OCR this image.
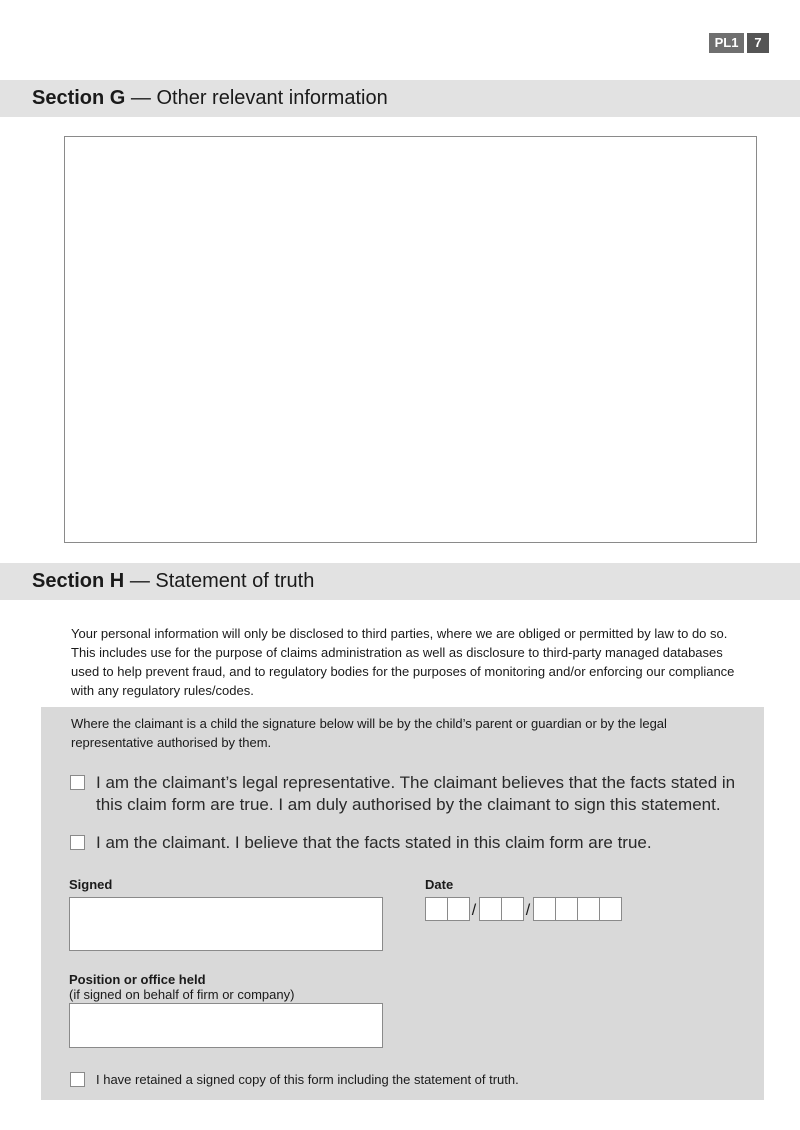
PL1	7
Section G — Other relevant information
Section H — Statement of truth
Your personal information will only be disclosed to third parties, where we are obliged or permitted by law to do so. This includes use for the purpose of claims administration as well as disclosure to third-party managed databases used to help prevent fraud, and to regulatory bodies for the purposes of monitoring and/or enforcing our compliance with any regulatory rules/codes.
Where the claimant is a child the signature below will be by the child’s parent or guardian or by the legal representative authorised by them.
I am the claimant’s legal representative. The claimant believes that the facts stated in this claim form are true. I am duly authorised by the claimant to sign this statement.
I am the claimant. I believe that the facts stated in this claim form are true.
Signed	Date
/	/
Position or office held
(if signed on behalf of firm or company)
I have retained a signed copy of this form including the statement of truth.
